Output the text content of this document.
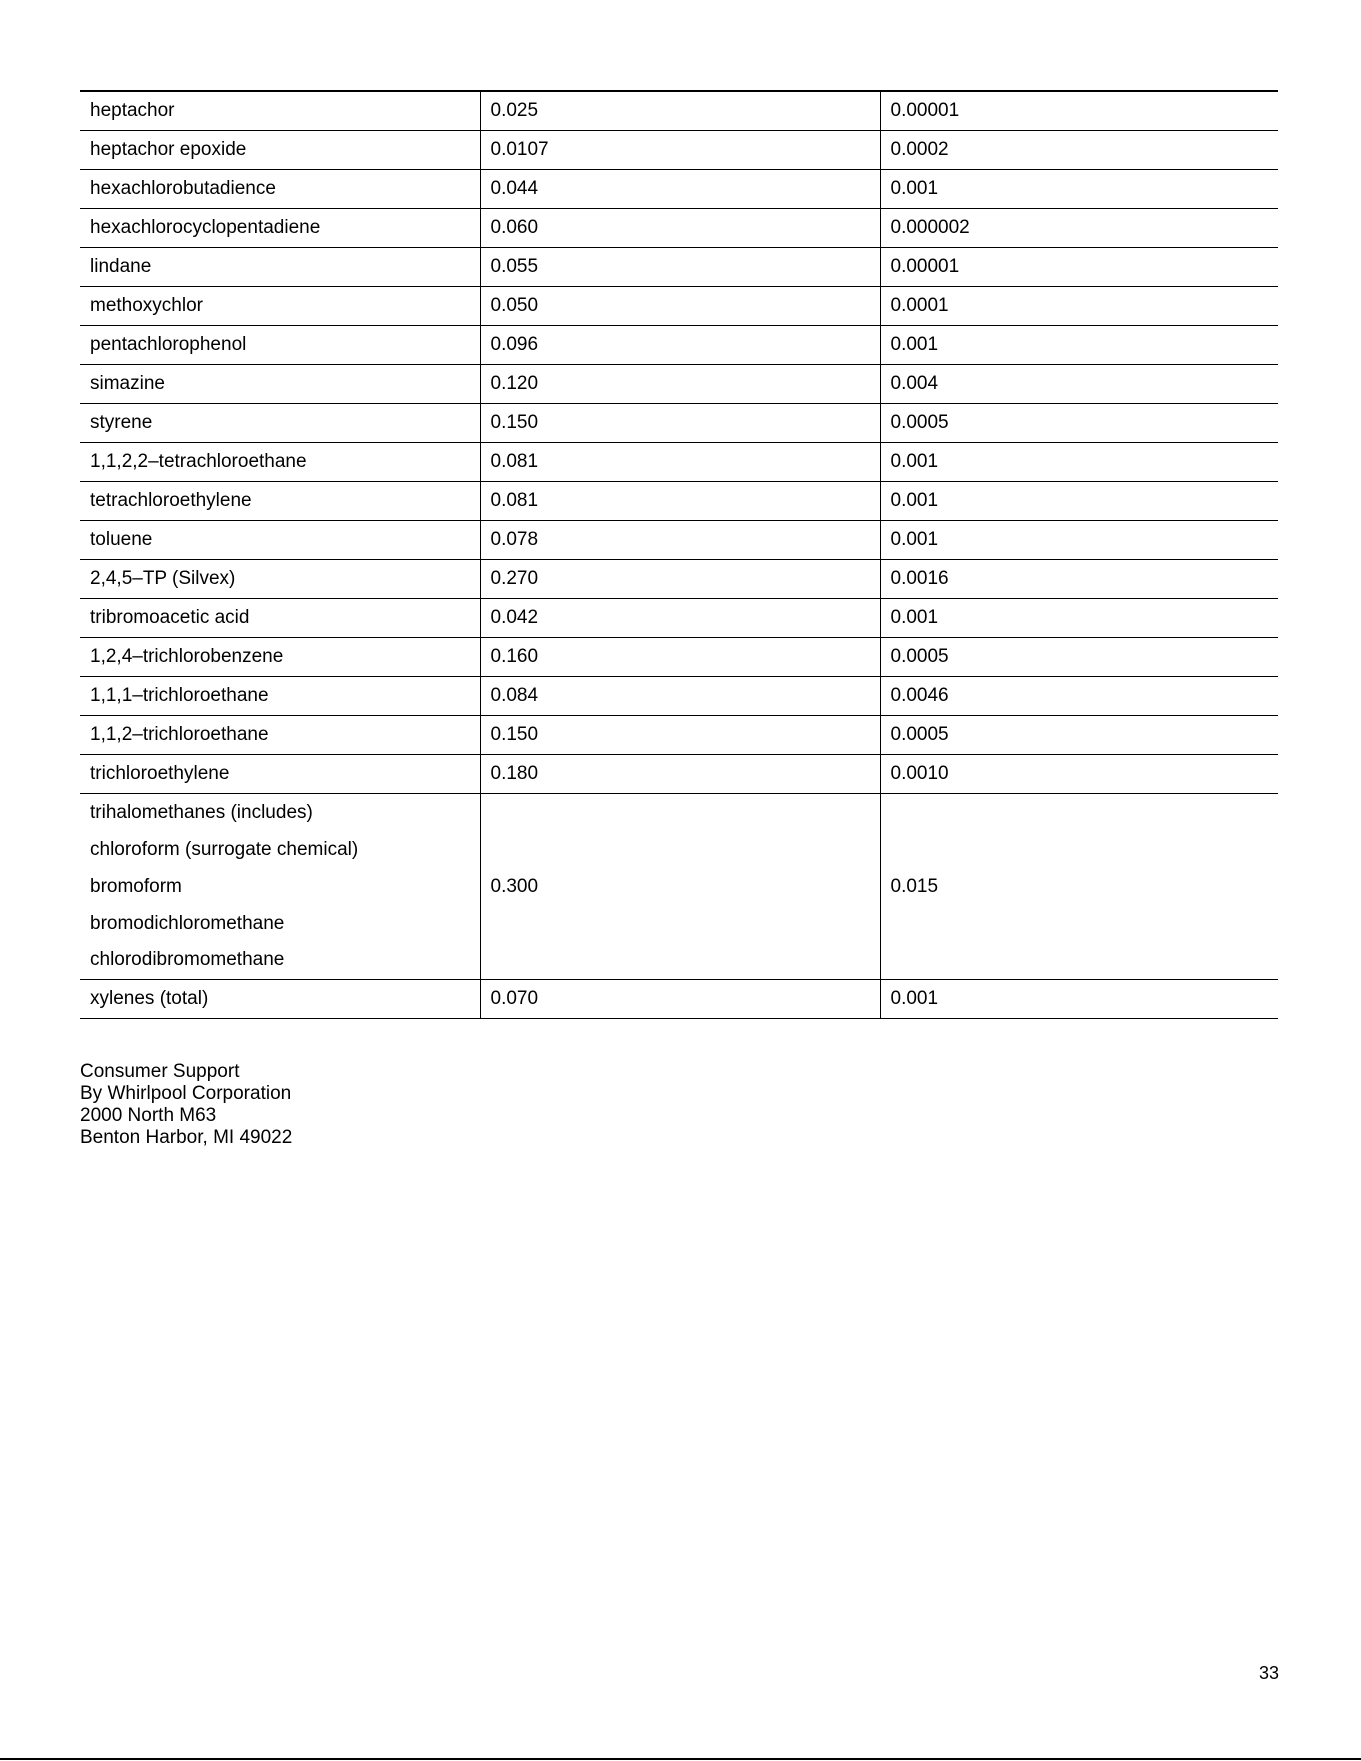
heptachor	0.025	0.00001
heptachor epoxide	0.0107	0.0002
hexachlorobutadience	0.044	0.001
hexachlorocyclopentadiene	0.060	0.000002
lindane	0.055	0.00001
methoxychlor	0.050	0.0001
pentachlorophenol	0.096	0.001
simazine	0.120	0.004
styrene	0.150	0.0005
1,1,2,2–tetrachloroethane	0.081	0.001
tetrachloroethylene	0.081	0.001
toluene	0.078	0.001
2,4,5–TP (Silvex)	0.270	0.0016
tribromoacetic acid	0.042	0.001
1,2,4–trichlorobenzene	0.160	0.0005
1,1,1–trichloroethane	0.084	0.0046
1,1,2–trichloroethane	0.150	0.0005
trichloroethylene	0.180	0.0010

trihalomethanes (includes)
chloroform (surrogate chemical)
bromoform
bromodichloromethane
chlorodibromomethane	0.300	0.015
xylenes (total)	0.070	0.001
Consumer Support
By Whirlpool Corporation
2000 North M63
Benton Harbor, MI 49022
33
